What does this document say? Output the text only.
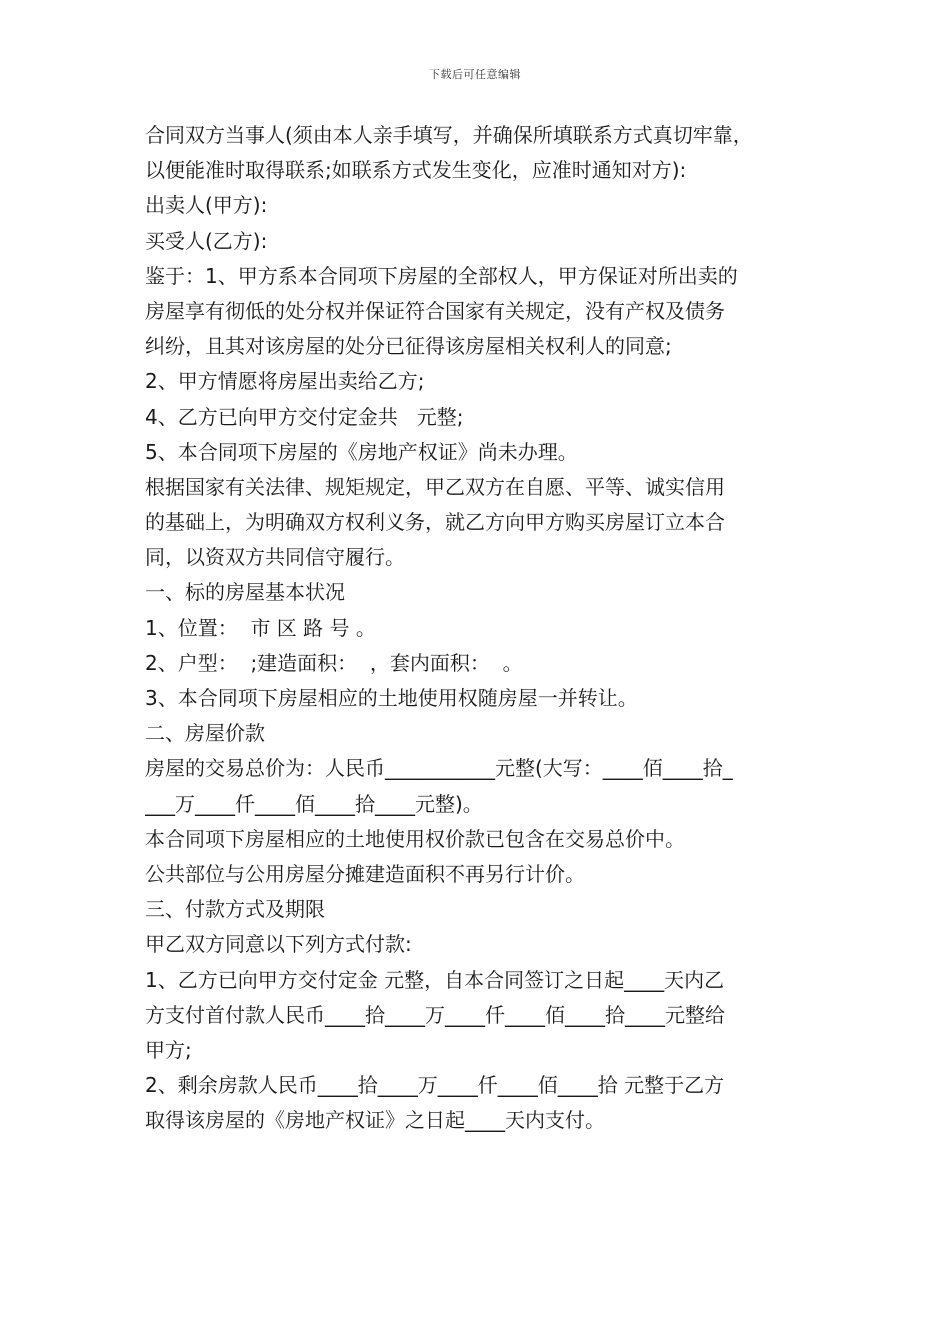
下载后可任意编辑
合同双方当事人(须由本人亲手填写，并确保所填联系方式真切牢靠，
以便能准时取得联系;如联系方式发生变化，应准时通知对方):
出卖人(甲方):
买受人(乙方):
鉴于：1、甲方系本合同项下房屋的全部权人，甲方保证对所出卖的
房屋享有彻低的处分权并保证符合国家有关规定，没有产权及债务
纠纷，且其对该房屋的处分已征得该房屋相关权利人的同意;
2、甲方情愿将房屋出卖给乙方;
4、乙方已向甲方交付定金共   元整;
5、本合同项下房屋的《房地产权证》尚未办理。
根据国家有关法律、规矩规定，甲乙双方在自愿、平等、诚实信用
的基础上，为明确双方权利义务，就乙方向甲方购买房屋订立本合
同，以资双方共同信守履行。
一、标的房屋基本状况
1、位置：  市 区 路 号 。
2、户型：  ;建造面积：  ，套内面积：  。
3、本合同项下房屋相应的土地使用权随房屋一并转让。
二、房屋价款
房屋的交易总价为：人民币___________元整(大写：____佰____拾_
___万____仟____佰____拾____元整)。
本合同项下房屋相应的土地使用权价款已包含在交易总价中。
公共部位与公用房屋分摊建造面积不再另行计价。
三、付款方式及期限
甲乙双方同意以下列方式付款:
1、乙方已向甲方交付定金 元整，自本合同签订之日起____天内乙
方支付首付款人民币____拾____万____仟____佰____拾____元整给
甲方;
2、剩余房款人民币____拾____万____仟____佰____拾 元整于乙方
取得该房屋的《房地产权证》之日起____天内支付。
